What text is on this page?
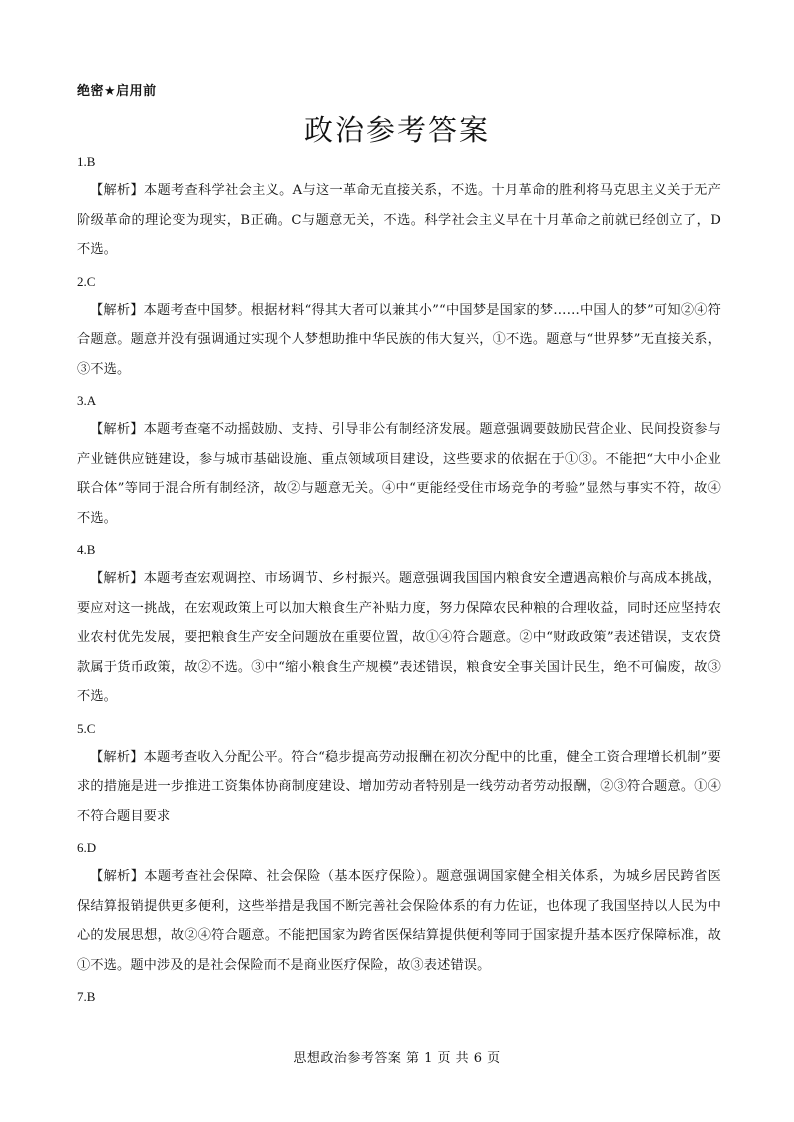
绝密★启用前
政治参考答案

1.B

【解析】本题考查科学社会主义。A与这一革命无直接关系，不选。十月革命的胜利将马克思主义关于无产阶级革命的理论变为现实，B正确。C与题意无关，不选。科学社会主义早在十月革命之前就已经创立了，D不选。

2.C

【解析】本题考查中国梦。根据材料“得其大者可以兼其小”“中国梦是国家的梦……中国人的梦”可知②④符合题意。题意并没有强调通过实现个人梦想助推中华民族的伟大复兴，①不选。题意与“世界梦”无直接关系，③不选。

3.A

【解析】本题考查毫不动摇鼓励、支持、引导非公有制经济发展。题意强调要鼓励民营企业、民间投资参与产业链供应链建设，参与城市基础设施、重点领域项目建设，这些要求的依据在于①③。不能把“大中小企业联合体”等同于混合所有制经济，故②与题意无关。④中“更能经受住市场竞争的考验”显然与事实不符，故④不选。

4.B

【解析】本题考查宏观调控、市场调节、乡村振兴。题意强调我国国内粮食安全遭遇高粮价与高成本挑战，要应对这一挑战，在宏观政策上可以加大粮食生产补贴力度，努力保障农民种粮的合理收益，同时还应坚持农业农村优先发展，要把粮食生产安全问题放在重要位置，故①④符合题意。②中“财政政策”表述错误，支农贷款属于货币政策，故②不选。③中“缩小粮食生产规模”表述错误，粮食安全事关国计民生，绝不可偏废，故③不选。

5.C

【解析】本题考查收入分配公平。符合“稳步提高劳动报酬在初次分配中的比重，健全工资合理增长机制”要求的措施是进一步推进工资集体协商制度建设、增加劳动者特别是一线劳动者劳动报酬，②③符合题意。①④不符合题目要求

6.D

【解析】本题考查社会保障、社会保险（基本医疗保险）。题意强调国家健全相关体系，为城乡居民跨省医保结算报销提供更多便利，这些举措是我国不断完善社会保险体系的有力佐证，也体现了我国坚持以人民为中心的发展思想，故②④符合题意。不能把国家为跨省医保结算提供便利等同于国家提升基本医疗保障标准，故①不选。题中涉及的是社会保险而不是商业医疗保险，故③表述错误。

7.B

思想政治参考答案 第 1 页 共 6 页
